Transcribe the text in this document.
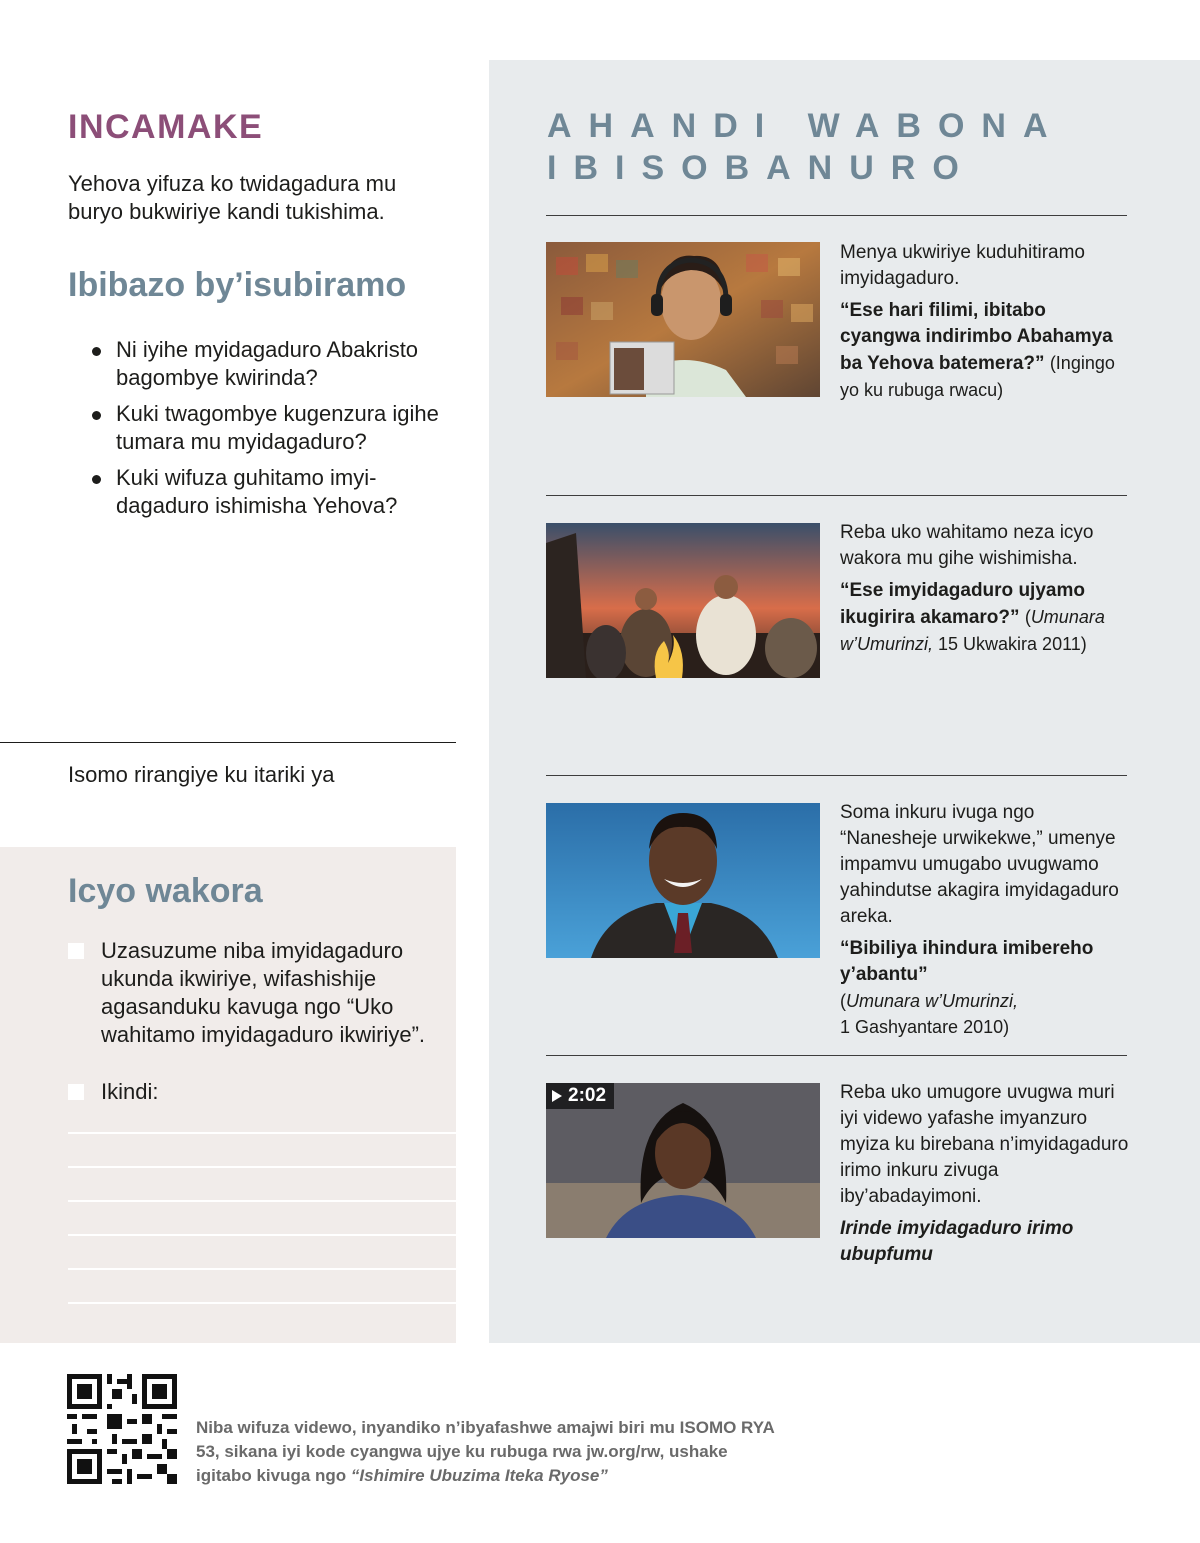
INCAMAKE
Yehova yifuza ko twidagadura mu buryo bukwiriye kandi tukishima.
Ibibazo by’isubiramo
Ni iyihe myidagaduro Abakristo bagombye kwirinda?
Kuki twagombye kugenzura igihe tumara mu myidagaduro?
Kuki wifuza guhitamo imyidagaduro ishimisha Yehova?
Isomo rirangiye ku itariki ya
Icyo wakora
Uzasuzume niba imyidagaduro ukunda ikwiriye, wifashishije agasanduku kavuga ngo “Uko wahitamo imyidagaduro ikwiriye”.
Ikindi:
AHANDI WABONA IBISOBANURO
Menya ukwiriye kuduhitiramo imyidagaduro.
“Ese hari filimi, ibitabo cyangwa indirimbo Abahamya ba Yehova batemera?” (Ingingo yo ku rubuga rwacu)
Reba uko wahitamo neza icyo wakora mu gihe wishimisha.
“Ese imyidagaduro ujyamo ikugirira akamaro?” (Umunara w’Umurinzi, 15 Ukwakira 2011)
Soma inkuru ivuga ngo “Nanesheje urwikekwe,” umenye impamvu umugabo uvugwamo yahindutse akagira imyidagaduro areka.
“Bibiliya ihindura imibereho y’abantu”
(Umunara w’Umurinzi,
1 Gashyantare 2010)
2:02	Reba uko umugore uvugwa muri iyi videwo yafashe imyanzuro myiza ku birebana n’imyidagaduro irimo inkuru zivuga iby’abadayimoni.
Irinde imyidagaduro irimo ubupfumu
Niba wifuza videwo, inyandiko n’ibyafashwe amajwi biri mu ISOMO RYA 53, sikana iyi kode cyangwa ujye ku rubuga rwa jw.org/rw, ushake igitabo kivuga ngo “Ishimire Ubuzima Iteka Ryose”
